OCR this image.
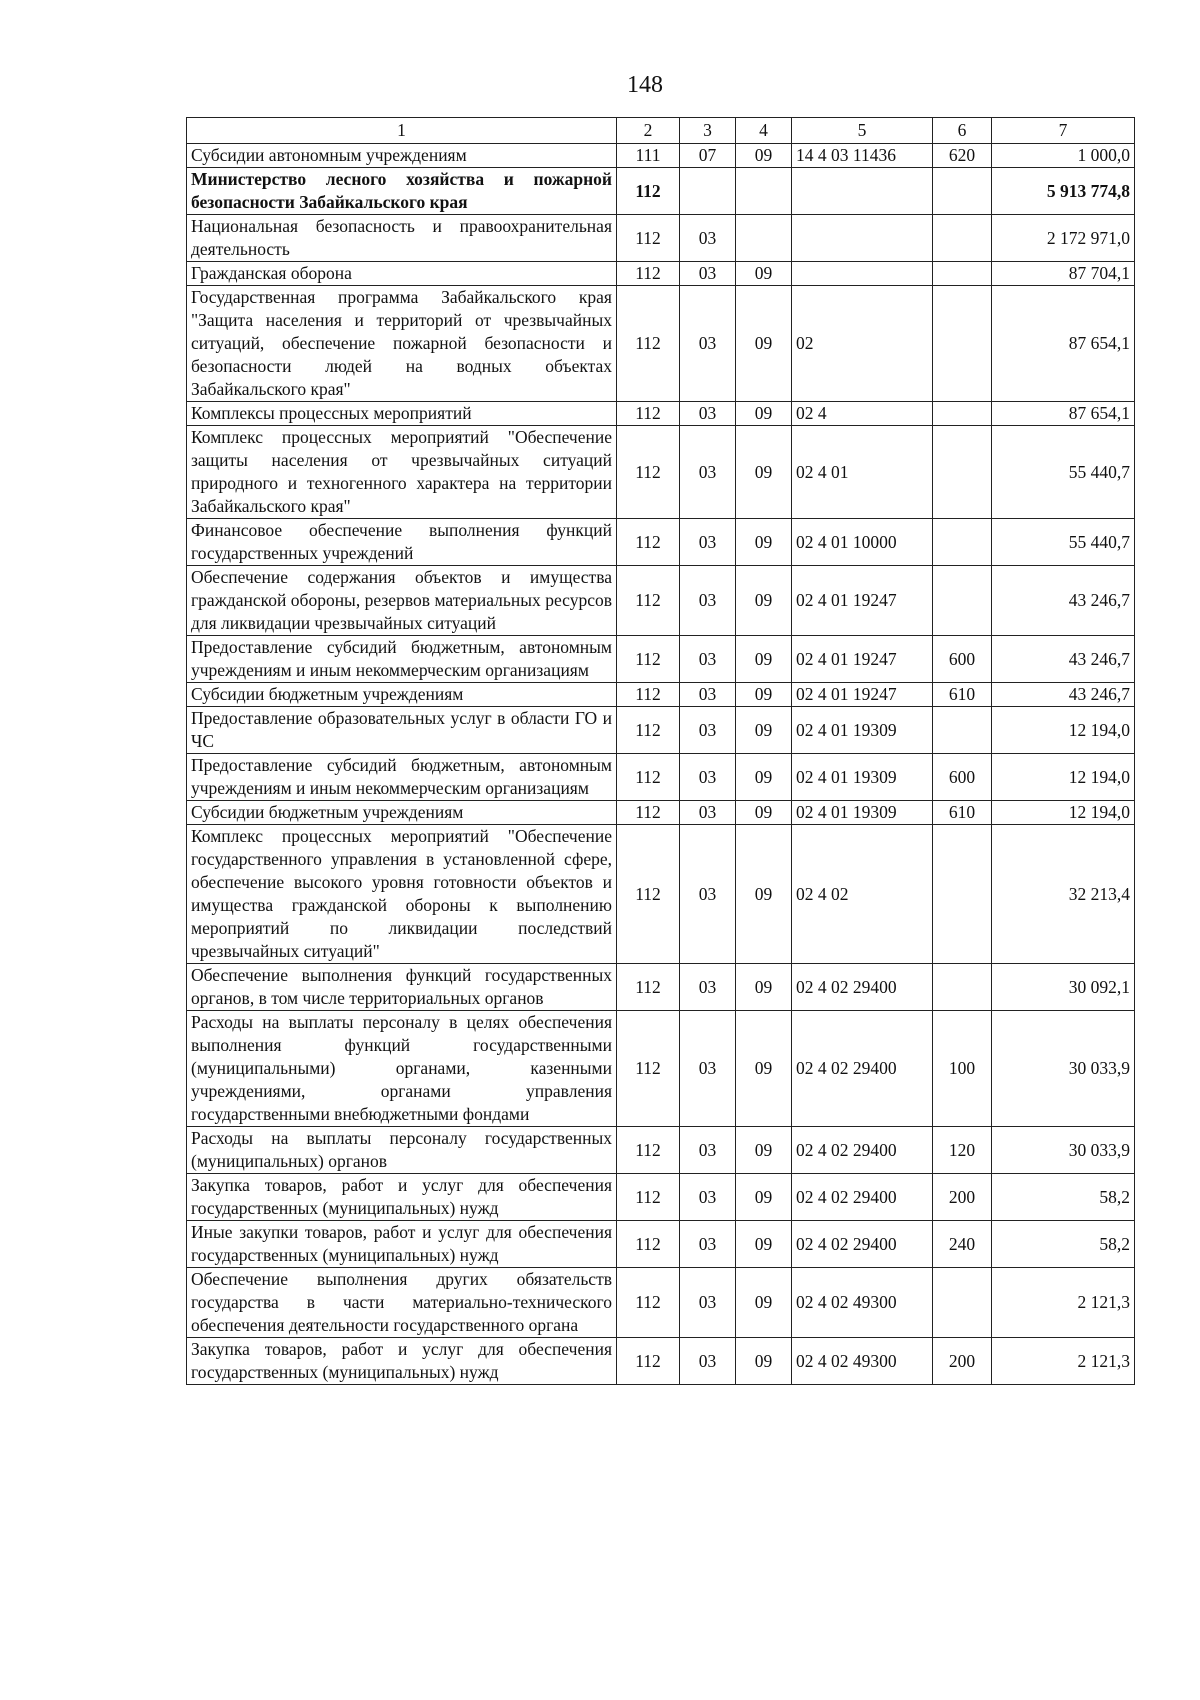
148
1	2	3	4	5	6	7
Субсидии автономным учреждениям	111	07	09	14 4 03 11436	620	1 000,0
Министерство лесного хозяйства и пожарной безопасности Забайкальского края	112					5 913 774,8
Национальная безопасность и правоохранительная деятельность	112	03				2 172 971,0
Гражданская оборона	112	03	09			87 704,1
Государственная программа Забайкальского края "Защита населения и территорий от чрезвычайных ситуаций, обеспечение пожарной безопасности и безопасности людей на водных объектах Забайкальского края"	112	03	09	02		87 654,1
Комплексы процессных мероприятий	112	03	09	02 4		87 654,1
Комплекс процессных мероприятий "Обеспечение защиты населения от чрезвычайных ситуаций природного и техногенного характера на территории Забайкальского края"	112	03	09	02 4 01		55 440,7
Финансовое обеспечение выполнения функций государственных учреждений	112	03	09	02 4 01 10000		55 440,7
Обеспечение содержания объектов и имущества гражданской обороны, резервов материальных ресурсов для ликвидации чрезвычайных ситуаций	112	03	09	02 4 01 19247		43 246,7
Предоставление субсидий бюджетным, автономным учреждениям и иным некоммерческим организациям	112	03	09	02 4 01 19247	600	43 246,7
Субсидии бюджетным учреждениям	112	03	09	02 4 01 19247	610	43 246,7
Предоставление образовательных услуг в области ГО и ЧС	112	03	09	02 4 01 19309		12 194,0
Предоставление субсидий бюджетным, автономным учреждениям и иным некоммерческим организациям	112	03	09	02 4 01 19309	600	12 194,0
Субсидии бюджетным учреждениям	112	03	09	02 4 01 19309	610	12 194,0
Комплекс процессных мероприятий "Обеспечение государственного управления в установленной сфере, обеспечение высокого уровня готовности объектов и имущества гражданской обороны к выполнению мероприятий по ликвидации последствий чрезвычайных ситуаций"	112	03	09	02 4 02		32 213,4
Обеспечение выполнения функций государственных органов, в том числе территориальных органов	112	03	09	02 4 02 29400		30 092,1
Расходы на выплаты персоналу в целях обеспечения выполнения функций государственными (муниципальными) органами, казенными учреждениями, органами управления государственными внебюджетными фондами	112	03	09	02 4 02 29400	100	30 033,9
Расходы на выплаты персоналу государственных (муниципальных) органов	112	03	09	02 4 02 29400	120	30 033,9
Закупка товаров, работ и услуг для обеспечения государственных (муниципальных) нужд	112	03	09	02 4 02 29400	200	58,2
Иные закупки товаров, работ и услуг для обеспечения государственных (муниципальных) нужд	112	03	09	02 4 02 29400	240	58,2
Обеспечение выполнения других обязательств государства в части материально-технического обеспечения деятельности государственного органа	112	03	09	02 4 02 49300		2 121,3
Закупка товаров, работ и услуг для обеспечения государственных (муниципальных) нужд	112	03	09	02 4 02 49300	200	2 121,3
